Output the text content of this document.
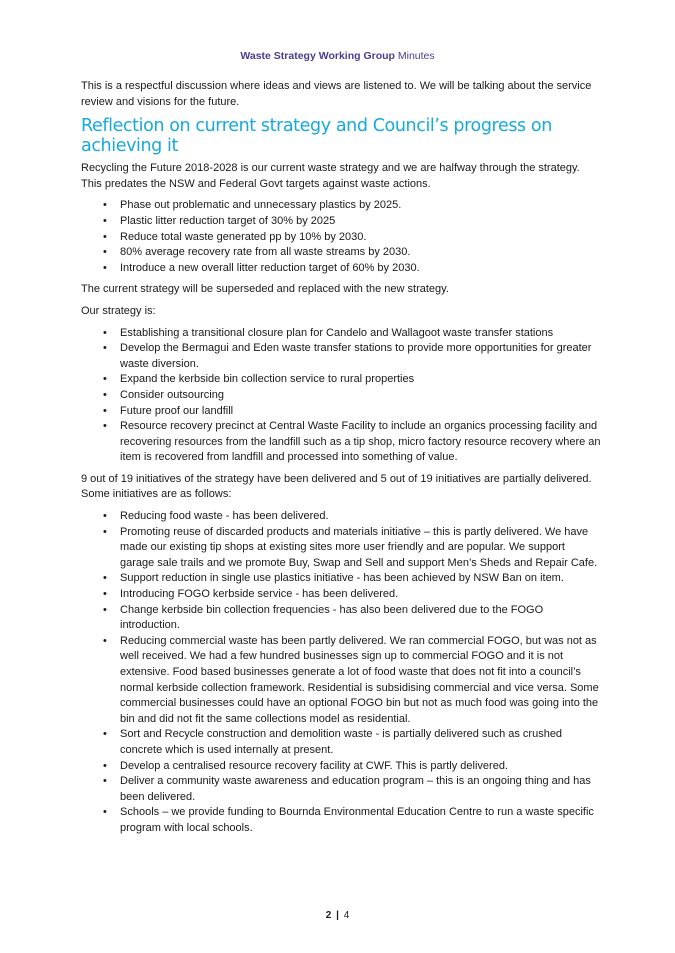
Waste Strategy Working Group Minutes

This is a respectful discussion where ideas and views are listened to. We will be talking about the service review and visions for the future.

Reflection on current strategy and Council’s progress on achieving it

Recycling the Future 2018-2028 is our current waste strategy and we are halfway through the strategy. This predates the NSW and Federal Govt targets against waste actions.

• Phase out problematic and unnecessary plastics by 2025.
• Plastic litter reduction target of 30% by 2025
• Reduce total waste generated pp by 10% by 2030.
• 80% average recovery rate from all waste streams by 2030.
• Introduce a new overall litter reduction target of 60% by 2030.

The current strategy will be superseded and replaced with the new strategy.

Our strategy is:

• Establishing a transitional closure plan for Candelo and Wallagoot waste transfer stations
• Develop the Bermagui and Eden waste transfer stations to provide more opportunities for greater waste diversion.
• Expand the kerbside bin collection service to rural properties
• Consider outsourcing
• Future proof our landfill
• Resource recovery precinct at Central Waste Facility to include an organics processing facility and recovering resources from the landfill such as a tip shop, micro factory resource recovery where an item is recovered from landfill and processed into something of value.

9 out of 19 initiatives of the strategy have been delivered and 5 out of 19 initiatives are partially delivered. Some initiatives are as follows:

• Reducing food waste - has been delivered.
• Promoting reuse of discarded products and materials initiative – this is partly delivered. We have made our existing tip shops at existing sites more user friendly and are popular. We support garage sale trails and we promote Buy, Swap and Sell and support Men’s Sheds and Repair Cafe.
• Support reduction in single use plastics initiative - has been achieved by NSW Ban on item.
• Introducing FOGO kerbside service - has been delivered.
• Change kerbside bin collection frequencies - has also been delivered due to the FOGO introduction.
• Reducing commercial waste has been partly delivered. We ran commercial FOGO, but was not as well received. We had a few hundred businesses sign up to commercial FOGO and it is not extensive. Food based businesses generate a lot of food waste that does not fit into a council’s normal kerbside collection framework. Residential is subsidising commercial and vice versa. Some commercial businesses could have an optional FOGO bin but not as much food was going into the bin and did not fit the same collections model as residential.
• Sort and Recycle construction and demolition waste - is partially delivered such as crushed concrete which is used internally at present.
• Develop a centralised resource recovery facility at CWF. This is partly delivered.
• Deliver a community waste awareness and education program – this is an ongoing thing and has been delivered.
• Schools – we provide funding to Bournda Environmental Education Centre to run a waste specific program with local schools.
2 | 4
